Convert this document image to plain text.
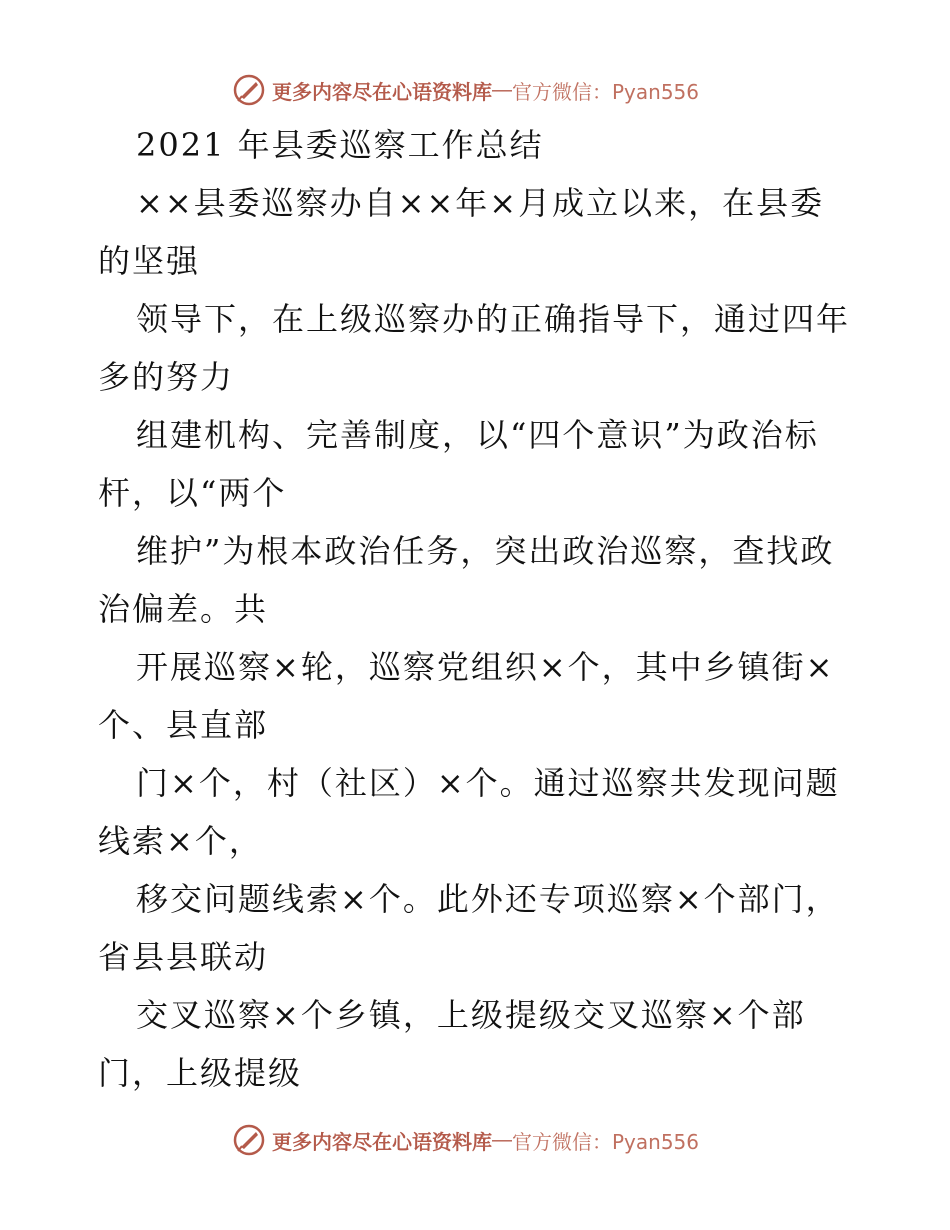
更多内容尽在心语资料库 — 官方微信：Pyan556
2021 年县委巡察工作总结
××县委巡察办自××年×月成立以来，在县委
的坚强
领导下，在上级巡察办的正确指导下，通过四年
多的努力
组建机构、完善制度，以“四个意识”为政治标
杆，以“两个
维护”为根本政治任务，突出政治巡察，查找政
治偏差。共
开展巡察×轮，巡察党组织×个，其中乡镇街×
个、县直部
门×个，村（社区）×个。通过巡察共发现问题
线索×个，
移交问题线索×个。此外还专项巡察×个部门，
省县县联动
交叉巡察×个乡镇，上级提级交叉巡察×个部
门，上级提级
更多内容尽在心语资料库 — 官方微信：Pyan556
